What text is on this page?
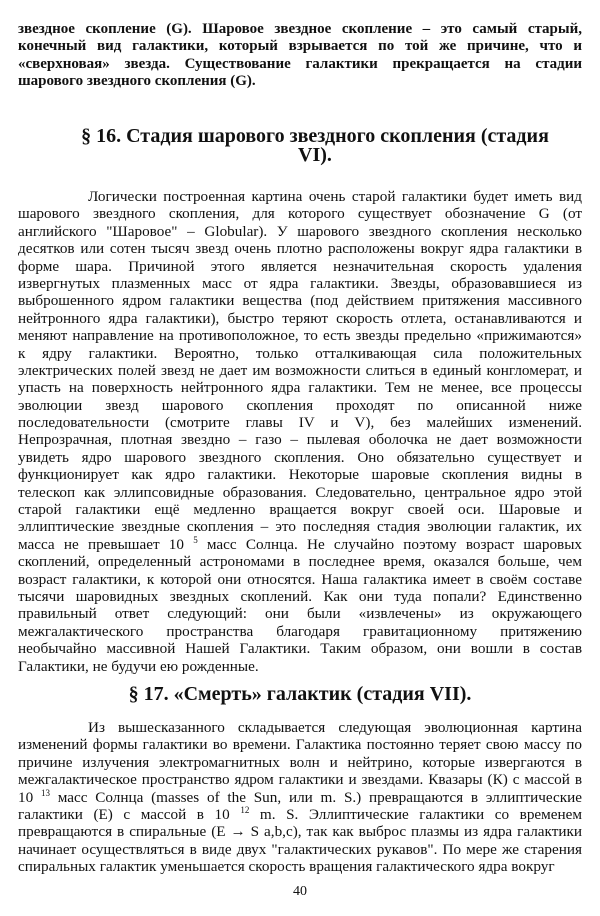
звездное скопление (G). Шаровое звездное скопление – это самый старый,
конечный вид галактики, который взрывается по той же причине, что и
«сверхновая» звезда. Существование галактики прекращается на стадии
шарового звездного скопления (G).
§ 16. Стадия шарового звездного скопления (стадия
VI).
Логически построенная картина очень старой галактики будет иметь вид
шарового звездного скопления, для которого существует обозначение G (от
английского "Шаровое" – Globular). У шарового звездного скопления несколько
десятков или сотен тысяч звезд очень плотно расположены вокруг ядра галактики в
форме шара. Причиной этого является незначительная скорость удаления
извергнутых плазменных масс от ядра галактики. Звезды, образовавшиеся из
выброшенного ядром галактики вещества (под действием притяжения массивного
нейтронного ядра галактики), быстро теряют скорость отлета, останавливаются и
меняют направление на противоположное, то есть звезды предельно «прижимаются»
к ядру галактики. Вероятно, только отталкивающая сила положительных
электрических полей звезд не дает им возможности слиться в единый конгломерат, и
упасть на поверхность нейтронного ядра галактики. Тем не менее, все процессы
эволюции звезд шарового скопления проходят по описанной ниже
последовательности (смотрите главы IV и V), без малейших изменений.
Непрозрачная, плотная звездно – газо – пылевая оболочка не дает возможности
увидеть ядро шарового звездного скопления. Оно обязательно существует и
функционирует как ядро галактики. Некоторые шаровые скопления видны в
телескоп как эллипсовидные образования. Следовательно, центральное ядро этой
старой галактики ещё медленно вращается вокруг своей оси. Шаровые и
эллиптические звездные скопления – это последняя стадия эволюции галактик, их
масса не превышает 10 $^5$ масс Солнца. Не случайно поэтому возраст шаровых
скоплений, определенный астрономами в последнее время, оказался больше, чем
возраст галактики, к которой они относятся. Наша галактика имеет в своём составе
тысячи шаровидных звездных скоплений. Как они туда попали? Единственно
правильный ответ следующий: они были «извлечены» из окружающего
межгалактического пространства благодаря гравитационному притяжению
необычайно массивной Нашей Галактики. Таким образом, они вошли в состав
Галактики, не будучи ею рожденные.
§ 17. «Смерть» галактик (стадия VII).
Из вышесказанного складывается следующая эволюционная картина
изменений формы галактики во времени. Галактика постоянно теряет свою массу по
причине излучения электромагнитных волн и нейтрино, которые извергаются в
межгалактическое пространство ядром галактики и звездами. Квазары (К) с массой в
10 $^{13}$ масс Солнца (masses of the Sun, или m. S.) превращаются в эллиптические
галактики (Е) с массой в 10 $^{12}$ m. S. Эллиптические галактики со временем
превращаются в спиральные (E → S a,b,c), так как выброс плазмы из ядра галактики
начинает осуществляться в виде двух "галактических рукавов". По мере же старения
спиральных галактик уменьшается скорость вращения галактического ядра вокруг
40
